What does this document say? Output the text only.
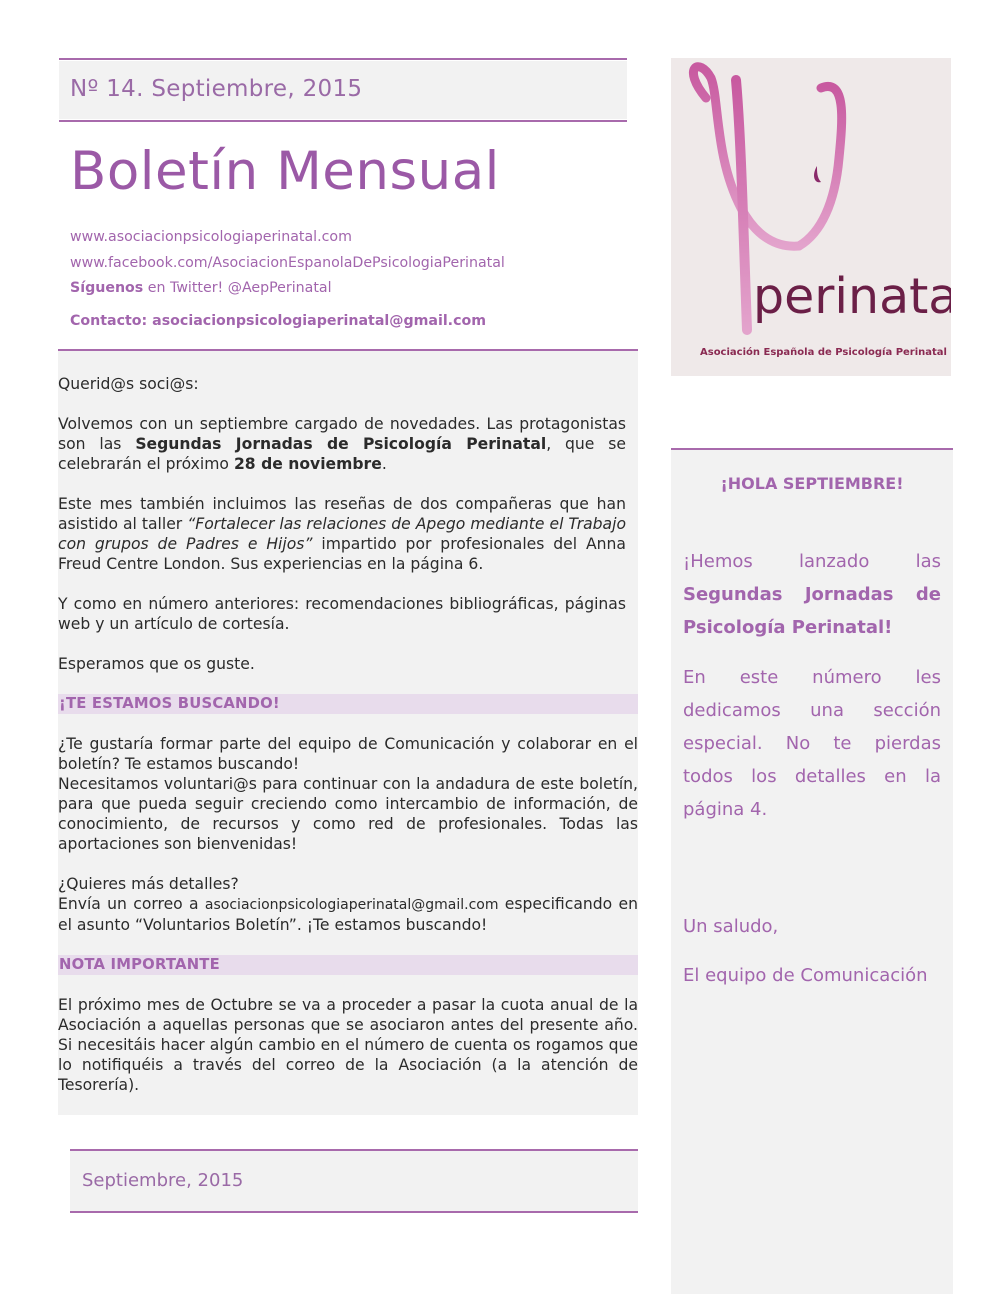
Nº 14. Septiembre, 2015
Boletín Mensual
www.asociacionpsicologiaperinatal.com
www.facebook.com/AsociacionEspanolaDePsicologiaPerinatal
Síguenos en Twitter! @AepPerinatal
Contacto: asociacionpsicologiaperinatal@gmail.com
Querid@s soci@s:
Volvemos con un septiembre cargado de novedades. Las protagonistas son las Segundas Jornadas de Psicología Perinatal, que se celebrarán el próximo 28 de noviembre.
Este mes también incluimos las reseñas de dos compañeras que han asistido al taller “Fortalecer las relaciones de Apego mediante el Trabajo con grupos de Padres e Hijos” impartido por profesionales del Anna Freud Centre London. Sus experiencias en la página 6.
Y como en número anteriores: recomendaciones bibliográficas, páginas web y un artículo de cortesía.
Esperamos que os guste.
¡TE ESTAMOS BUSCANDO!
¿Te gustaría formar parte del equipo de Comunicación y colaborar en el boletín? Te estamos buscando!
Necesitamos voluntari@s para continuar con la andadura de este boletín, para que pueda seguir creciendo como intercambio de información, de conocimiento, de recursos y como red de profesionales. Todas las aportaciones son bienvenidas!
¿Quieres más detalles?
Envía un correo a asociacionpsicologiaperinatal@gmail.com especificando en el asunto “Voluntarios Boletín”. ¡Te estamos buscando!
NOTA IMPORTANTE
El próximo mes de Octubre se va a proceder a pasar la cuota anual de la Asociación a aquellas personas que se asociaron antes del presente año. Si necesitáis hacer algún cambio en el número de cuenta os rogamos que lo notifiquéis a través del correo de la Asociación (a la atención de Tesorería).
Septiembre, 2015
perinatal
Asociación Española de Psicología Perinatal
¡HOLA SEPTIEMBRE!
¡Hemos lanzado las Segundas Jornadas de Psicología Perinatal!
En este número les dedicamos una sección especial. No te pierdas todos los detalles en la página 4.
Un saludo,
El equipo de Comunicación
